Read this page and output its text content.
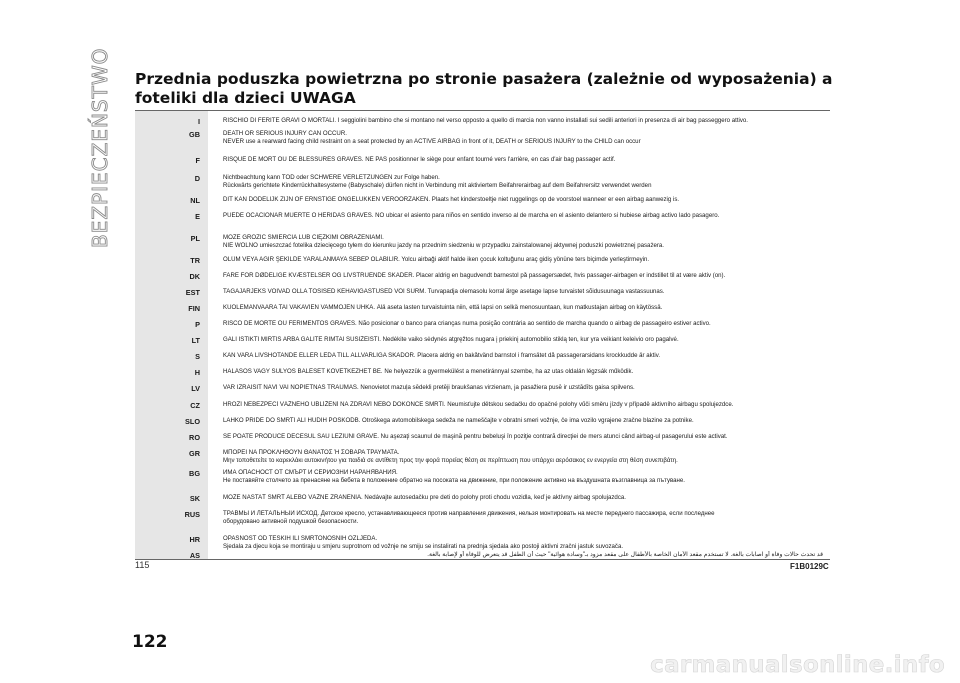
BEZPIECZEŃSTWO Przednia poduszka powietrzna po stronie pasażera (zależnie od wyposażenia) a foteliki dla dzieci UWAGA
I	RISCHIO DI FERITE GRAVI O MORTALI. I seggiolini bambino che si montano nel verso opposto a quello di marcia non vanno installati sui sedili anteriori in presenza di air bag passeggero attivo.
GB	DEATH OR SERIOUS INJURY CAN OCCUR.
NEVER use a rearward facing child restraint on a seat protected by an ACTIVE AIRBAG in front of it, DEATH or SERIOUS INJURY to the CHILD can occur
F	RISQUE DE MORT OU DE BLESSURES GRAVES. NE PAS positionner le siège pour enfant tourné vers l'arrière, en cas d'air bag passager actif.
D	Nichtbeachtung kann TOD oder SCHWERE VERLETZUNGEN zur Folge haben.
Rückwärts gerichtete Kinderrückhaltesysteme (Babyschale) dürfen nicht in Verbindung mit aktiviertem Beifahrerairbag auf dem Beifahrersitz verwendet werden
NL	DIT KAN DODELIJK ZIJN OF ERNSTIGE ONGELUKKEN VEROORZAKEN. Plaats het kinderstoeltje niet ruggelings op de voorstoel wanneer er een airbag aanwezig is.
E	PUEDE OCACIONAR MUERTE O HERIDAS GRAVES. NO ubicar el asiento para niños en sentido inverso al de marcha en el asiento delantero si hubiese airbag activo lado pasagero.
PL	MOŻE GROZIĆ ŚMIERCIA LUB CIĘŻKIMI OBRAŻENIAMI.
NIE WOLNO umieszczać fotelika dziecięcego tyłem do kierunku jazdy na przednim siedzeniu w przypadku zainstalowanej aktywnej poduszki powietrznej pasażera.
TR	ÖLÜM VEYA AĞIR ŞEKİLDE YARALANMAYA SEBEP OLABİLİR. Yolcu airbaği aktif halde iken çocuk koltuğunu araç gidiş yönüne ters biçimde yerleştirmeyin.
DK	FARE FOR DØDELIGE KVÆSTELSER OG LIVSTRUENDE SKADER. Placer aldrig en bagudvendt barnestol på passagersædet, hvis passager-airbagen er indstillet til at være aktiv (on).
EST	TAGAJÄRJEKS VÕIVAD OLLA TÕSISED KEHAVIGASTUSED VÕI SURM. Turvapadja olemasolu korral ärge asetage lapse turvaistet sõidusuunaga vastassuunas.
FIN	KUOLEMANVAARA TAI VAKAVIEN VAMMOJEN UHKA. Älä aseta lasten turvaistuinta niin, että lapsi on selkä menosuuntaan, kun matkustajan airbag on käytössä.
P	RISCO DE MORTE OU FERIMENTOS GRAVES. Não posicionar o banco para crianças numa posição contrária ao sentido de marcha quando o airbag de passageiro estiver activo.
LT	GALI IŠTIKTI MIRTIS ARBA GALITE RIMTAI SUSIŽEISTI. Nedėkite vaiko sėdynės atgręžtos nugara į priekinį automobilio stiklą ten, kur yra veikiant keleivio oro pagalvė.
S	KAN VARA LIVSHOTANDE ELLER LEDA TILL ALLVARLIGA SKADOR. Placera aldrig en bakåtvänd barnstol i framsätet då passagerarsidans krockkudde är aktiv.
H	HALÁSOS VAGY SÚLYOS BALESET KÖVETKEZHET BE. Ne helyezzük a gyermekülést a menetiránnyal szembe, ha az utas oldalán légzsák működik.
LV	VAR IZRAISĪT NĀVI VAI NOPIETNAS TRAUMAS. Nenovietot mazuļa sēdekli pretēji braukšanas virzienam, ja pasažiera pusē ir uzstādīts gaisa spilvens.
CZ	HROZÍ NEBEZPEČÍ VÁŽNÉHO UBLÍŽENÍ NA ZDRAVÍ NEBO DOKONCE SMRTI. Neumisťujte dětskou sedačku do opačné polohy vůči směru jízdy v případě aktivního airbagu spolujezdce.
SLO	LAHKO PRIDE DO SMRTI ALI HUDIH POŠKODB. Otroškega avtomobilskega sedeža ne nameščajte v obratni smeri vožnje, če ima vozilo vgrajene zračne blazine za potnike.
RO	SE POATE PRODUCE DECESUL SAU LEZIUNI GRAVE. Nu aşezaţi scaunul de maşină pentru bebeluşi în poziţie contrară direcţiei de mers atunci când airbag-ul pasagerului este activat.
GR	ΜΠΟΡΕΙ ΝΑ ΠΡΟΚΛΗΘΟΥΝ ΘΑΝΑΤΟΣ Ή ΣΟΒΑΡΑ ΤΡΑΥΜΑΤΑ.
Μην τοποθετείτε το καρεκλάκι αυτοκινήτου για παιδιά σε αντίθετη προς την φορά πορείας θέση σε περίπτωση που υπάρχει αερόσακος εν ενεργεία στη θέση συνεπιβάτη.
BG	ИМА ОПАСНОСТ ОТ СМЪРТ И СЕРИОЗНИ НАРАНЯВАНИЯ.
Не поставяйте столчето за пренасяне на бебета в положение обратно на посоката на движение, при положение активно на въздушната възглавница за пътуване.
SK	MÔŽE NASTAŤ SMRŤ ALEBO VÁŽNE ZRANENIA. Nedávajte autosedačku pre deti do polohy proti chodu vozidla, keď je aktívny airbag spolujazdca.
RUS	ТРАВМЫ И ЛЕТАЛЬНЫЙ ИСХОД. Детское кресло, устанавливающееся против направления движения, нельзя монтировать на месте переднего пассажира, если последнее
оборудовано активной подушкой безопасности.
HR	OPASNOST OD TEŠKIH ILI SMRTONOSNIH OZLJEDA.
Sjedala za djecu koja se montiraju u smjeru suprotnom od vožnje ne smiju se instalirati na prednja sjedala ako postoji aktivni zračni jastuk suvozača.
AS	قد تحدث حالات وفاة أو اصابات بالغة. لا تستخدم مقعد الأمان الخاصة بالأطفال على مقعد مزود بـ"وسادة هوائية" حيث أن الطفل قد يتعرض للوفاة أو لإصابة بالغة.
115	F1B0129C
122
carmanualsonline.info
